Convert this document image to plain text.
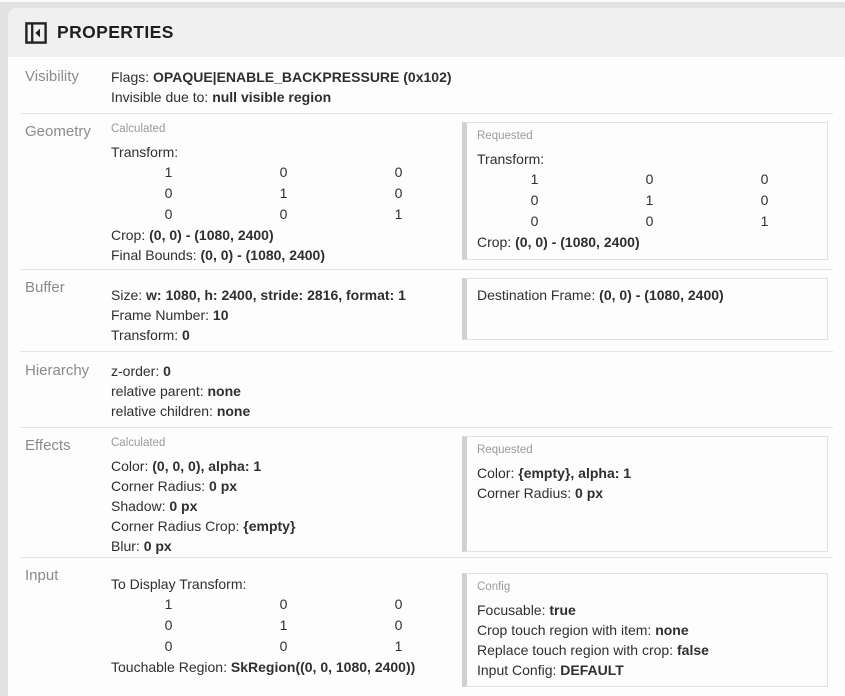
PROPERTIES
Visibility	Flags: OPAQUE|ENABLE_BACKPRESSURE (0x102)
Invisible due to: null visible region
Geometry	Calculated
Transform:
1	0	0
0	1	0
0	0	1
Crop: (0, 0) - (1080, 2400)
Final Bounds: (0, 0) - (1080, 2400)
Requested
Transform:
1	0	0
0	1	0
0	0	1
Crop: (0, 0) - (1080, 2400)
Buffer	Size: w: 1080, h: 2400, stride: 2816, format: 1
Frame Number: 10
Transform: 0
Destination Frame: (0, 0) - (1080, 2400)
Hierarchy	z-order: 0
relative parent: none
relative children: none
Effects	Calculated
Color: (0, 0, 0), alpha: 1
Corner Radius: 0 px
Shadow: 0 px
Corner Radius Crop: {empty}
Blur: 0 px
Requested
Color: {empty}, alpha: 1
Corner Radius: 0 px
Input	To Display Transform:
1	0	0
0	1	0
0	0	1
Touchable Region: SkRegion((0, 0, 1080, 2400))
Config
Focusable: true
Crop touch region with item: none
Replace touch region with crop: false
Input Config: DEFAULT
